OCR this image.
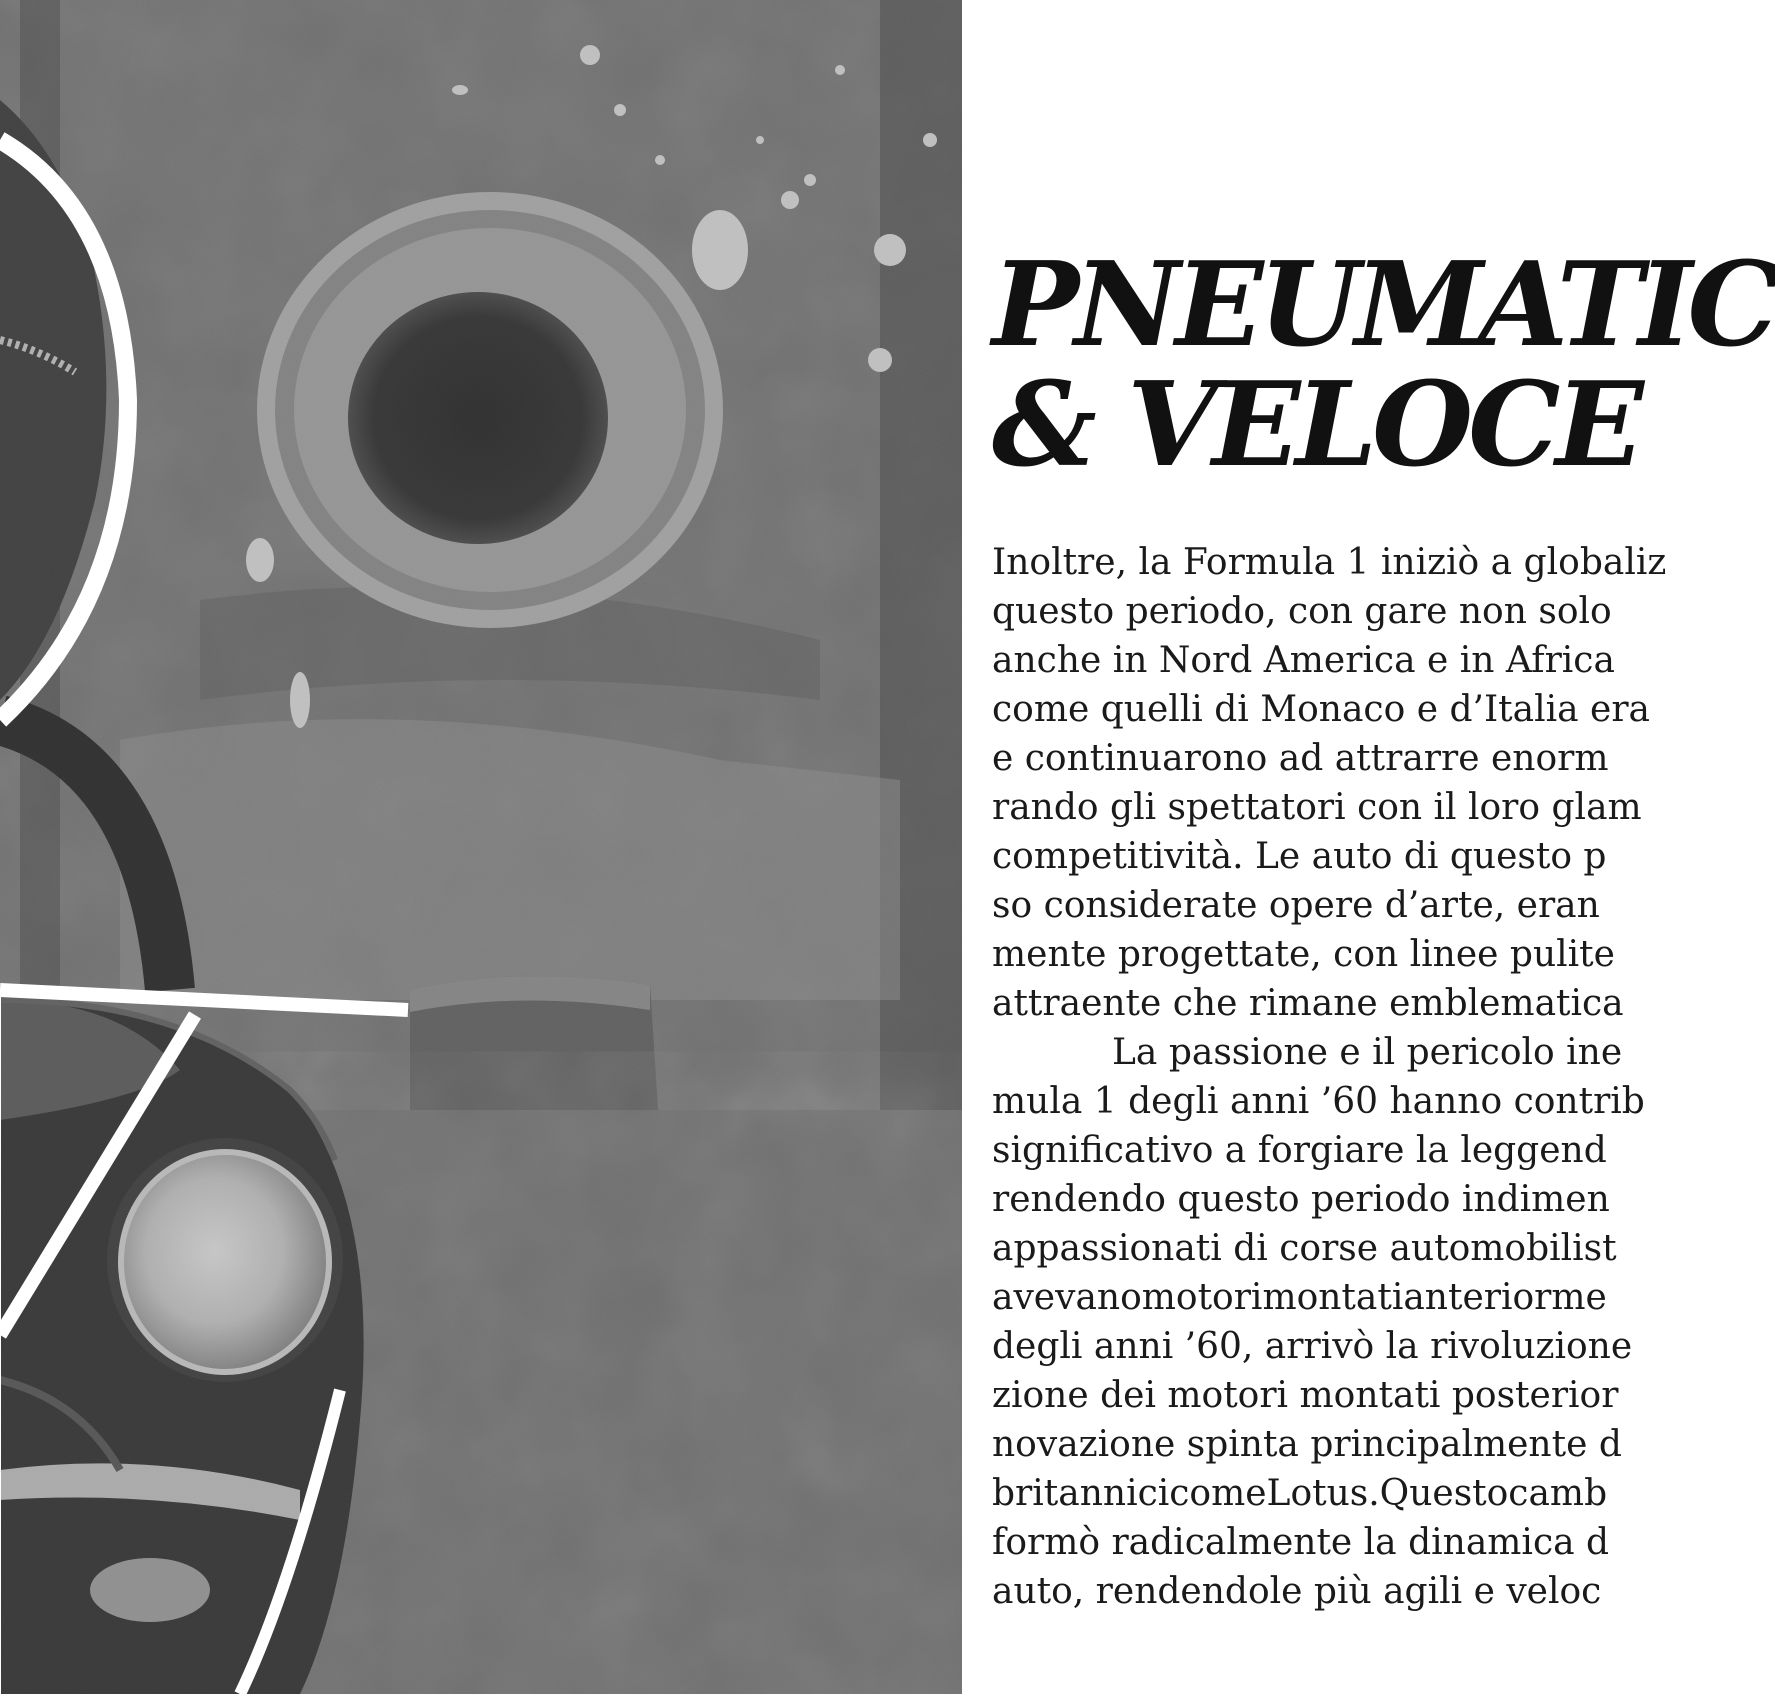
PNEUMATIC
& VELOCE
Inoltre, la Formula 1 iniziò a globaliz
questo periodo, con gare non solo
anche in Nord America e in Africa
come quelli di Monaco e d’Italia era
e continuarono ad attrarre enorm
rando gli spettatori con il loro glam
competitività. Le auto di questo p
so considerate opere d’arte, eran
mente progettate, con linee pulite
attraente che rimane emblematica
La passione e il pericolo ine
mula 1 degli anni ’60 hanno contrib
significativo a forgiare la leggend
rendendo questo periodo indimen
appassionati di corse automobilist
avevanomotorimontatianteriorme
degli anni ’60, arrivò la rivoluzione
zione dei motori montati posterior
novazione spinta principalmente d
britannicicomeLotus.Questocamb
formò radicalmente la dinamica d
auto, rendendole più agili e veloc
